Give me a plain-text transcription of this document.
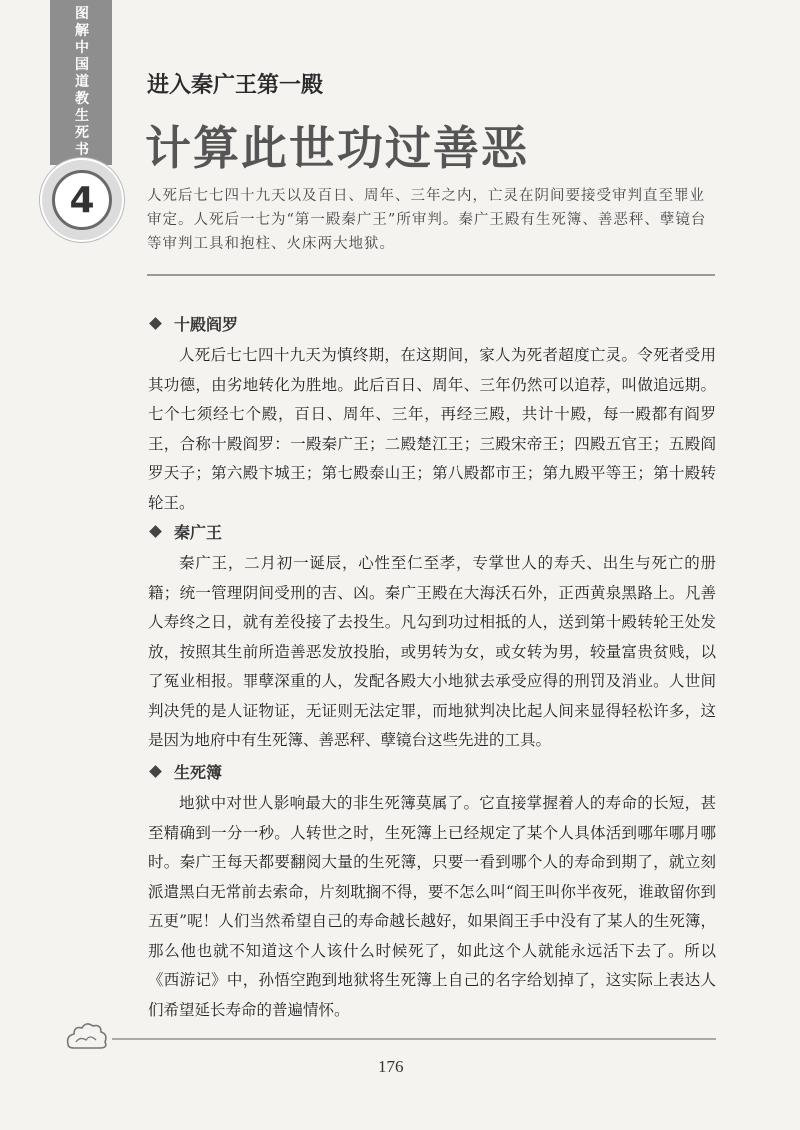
图解中国道教生死书
4
进入秦广王第一殿
计算此世功过善恶

人死后七七四十九天以及百日、周年、三年之内，亡灵在阴间要接受审判直至罪业审定。人死后一七为“第一殿秦广王”所审判。秦广王殿有生死簿、善恶秤、孽镜台等审判工具和抱柱、火床两大地狱。

十殿阎罗

人死后七七四十九天为慎终期，在这期间，家人为死者超度亡灵。令死者受用其功德，由劣地转化为胜地。此后百日、周年、三年仍然可以追荐，叫做追远期。七个七须经七个殿，百日、周年、三年，再经三殿，共计十殿，每一殿都有阎罗王，合称十殿阎罗：一殿秦广王；二殿楚江王；三殿宋帝王；四殿五官王；五殿阎罗天子；第六殿卞城王；第七殿泰山王；第八殿都市王；第九殿平等王；第十殿转轮王。

秦广王

秦广王，二月初一诞辰，心性至仁至孝，专掌世人的寿夭、出生与死亡的册籍；统一管理阴间受刑的吉、凶。秦广王殿在大海沃石外，正西黄泉黑路上。凡善人寿终之日，就有差役接了去投生。凡勾到功过相抵的人，送到第十殿转轮王处发放，按照其生前所造善恶发放投胎，或男转为女，或女转为男，较量富贵贫贱，以了冤业相报。罪孽深重的人，发配各殿大小地狱去承受应得的刑罚及消业。人世间判决凭的是人证物证，无证则无法定罪，而地狱判决比起人间来显得轻松许多，这是因为地府中有生死簿、善恶秤、孽镜台这些先进的工具。

生死簿

地狱中对世人影响最大的非生死簿莫属了。它直接掌握着人的寿命的长短，甚至精确到一分一秒。人转世之时，生死簿上已经规定了某个人具体活到哪年哪月哪时。秦广王每天都要翻阅大量的生死簿，只要一看到哪个人的寿命到期了，就立刻派遣黑白无常前去索命，片刻耽搁不得，要不怎么叫“阎王叫你半夜死，谁敢留你到五更”呢！人们当然希望自己的寿命越长越好，如果阎王手中没有了某人的生死簿，那么他也就不知道这个人该什么时候死了，如此这个人就能永远活下去了。所以《西游记》中，孙悟空跑到地狱将生死簿上自己的名字给划掉了，这实际上表达人们希望延长寿命的普遍情怀。

176
